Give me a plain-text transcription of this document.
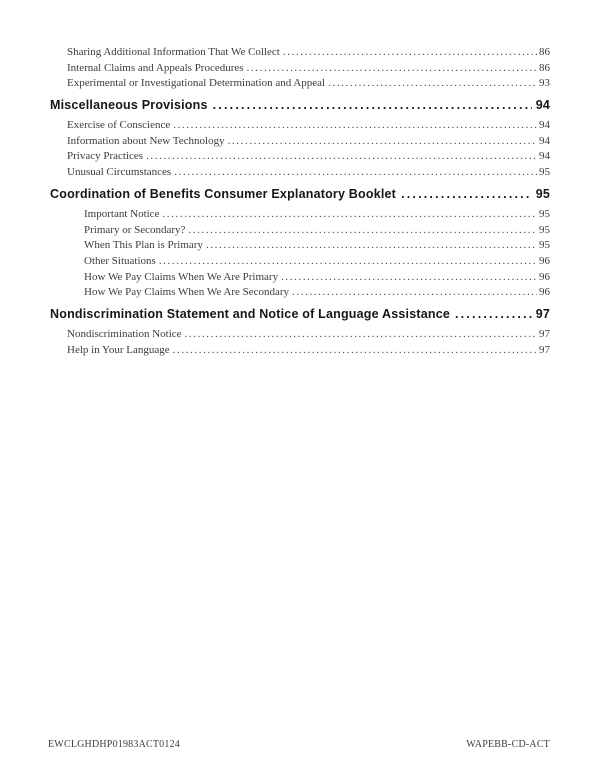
Sharing Additional Information That We Collect .....	86
Internal Claims and Appeals Procedures .....	86
Experimental or Investigational Determination and Appeal .....	93
Miscellaneous Provisions .....	94
Exercise of Conscience .....	94
Information about New Technology .....	94
Privacy Practices .....	94
Unusual Circumstances .....	95
Coordination of Benefits Consumer Explanatory Booklet .....	95
Important Notice .....	95
Primary or Secondary? .....	95
When This Plan is Primary .....	95
Other Situations .....	96
How We Pay Claims When We Are Primary .....	96
How We Pay Claims When We Are Secondary .....	96
Nondiscrimination Statement and Notice of Language Assistance .....	97
Nondiscrimination Notice .....	97
Help in Your Language .....	97
EWCLGHDHP01983ACT0124	WAPEBB-CD-ACT
